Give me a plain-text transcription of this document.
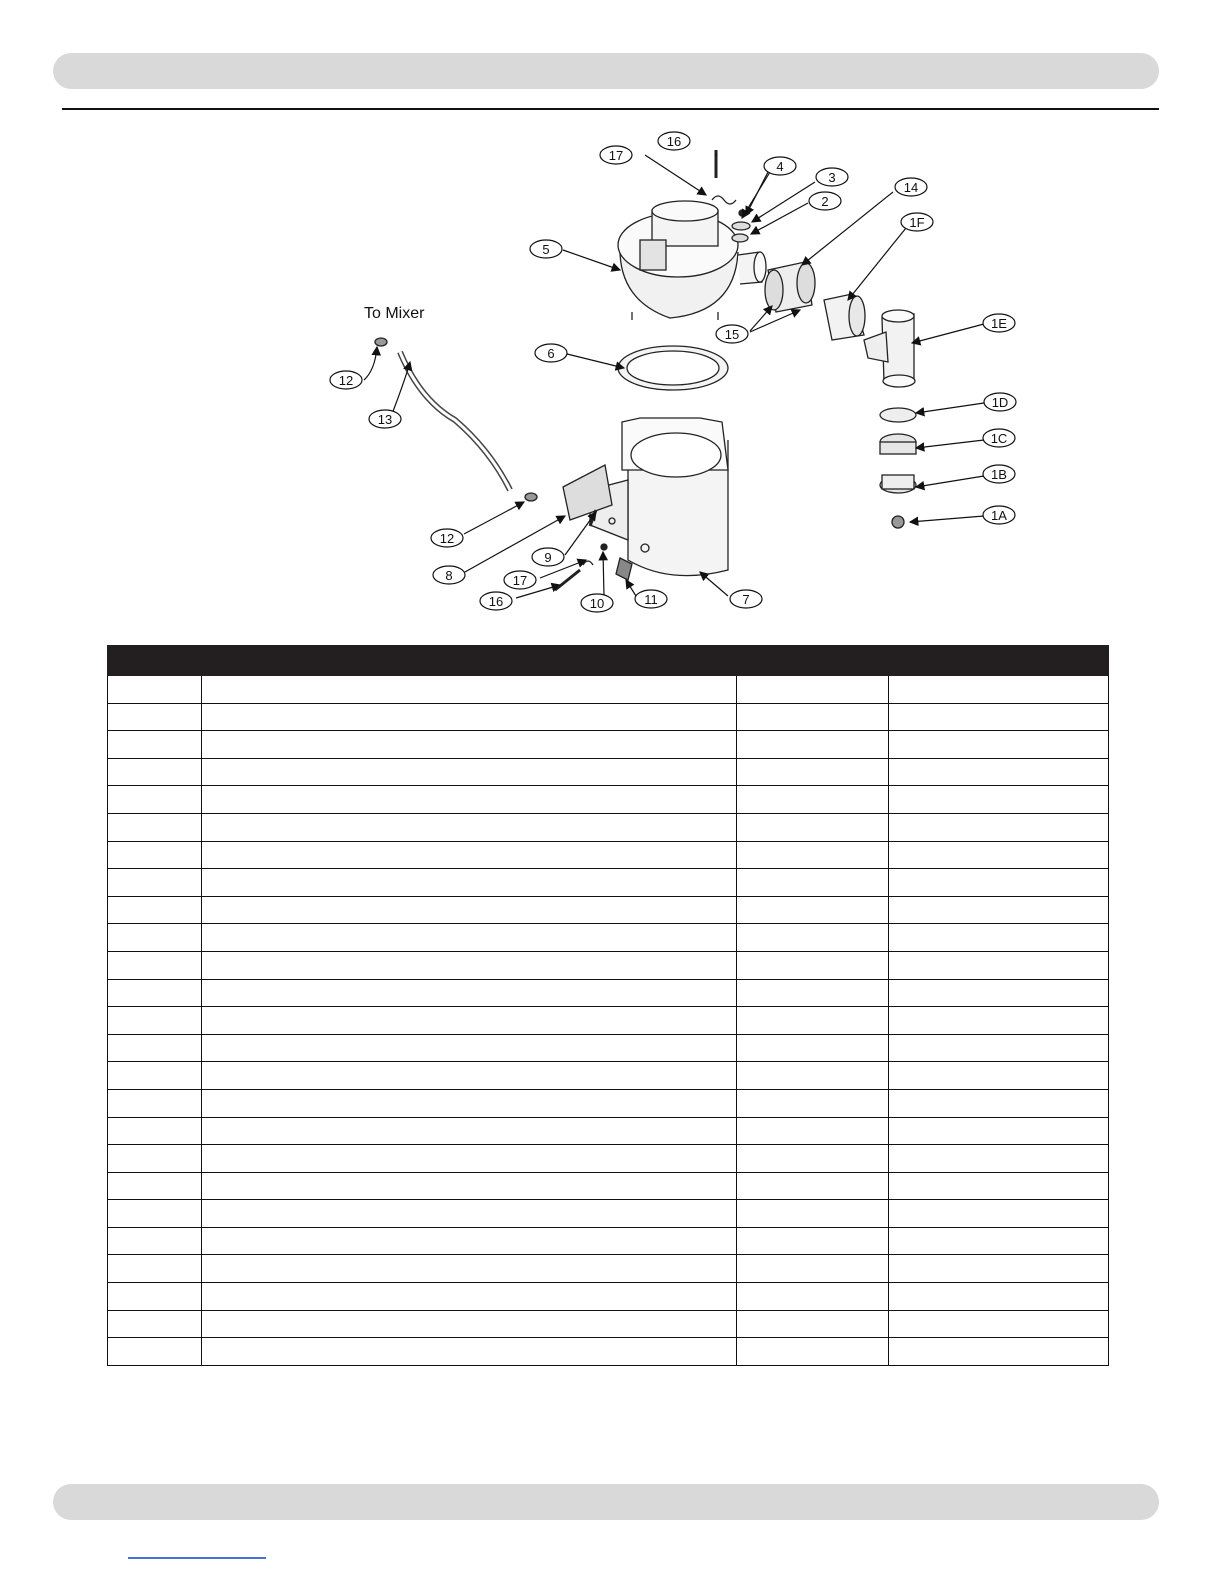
16
17
4
3
2
14
1F
5
15
1E
6
12
13
1D
1C
1B
1A
12
8
9
17
16	10	11	7
To Mixer
